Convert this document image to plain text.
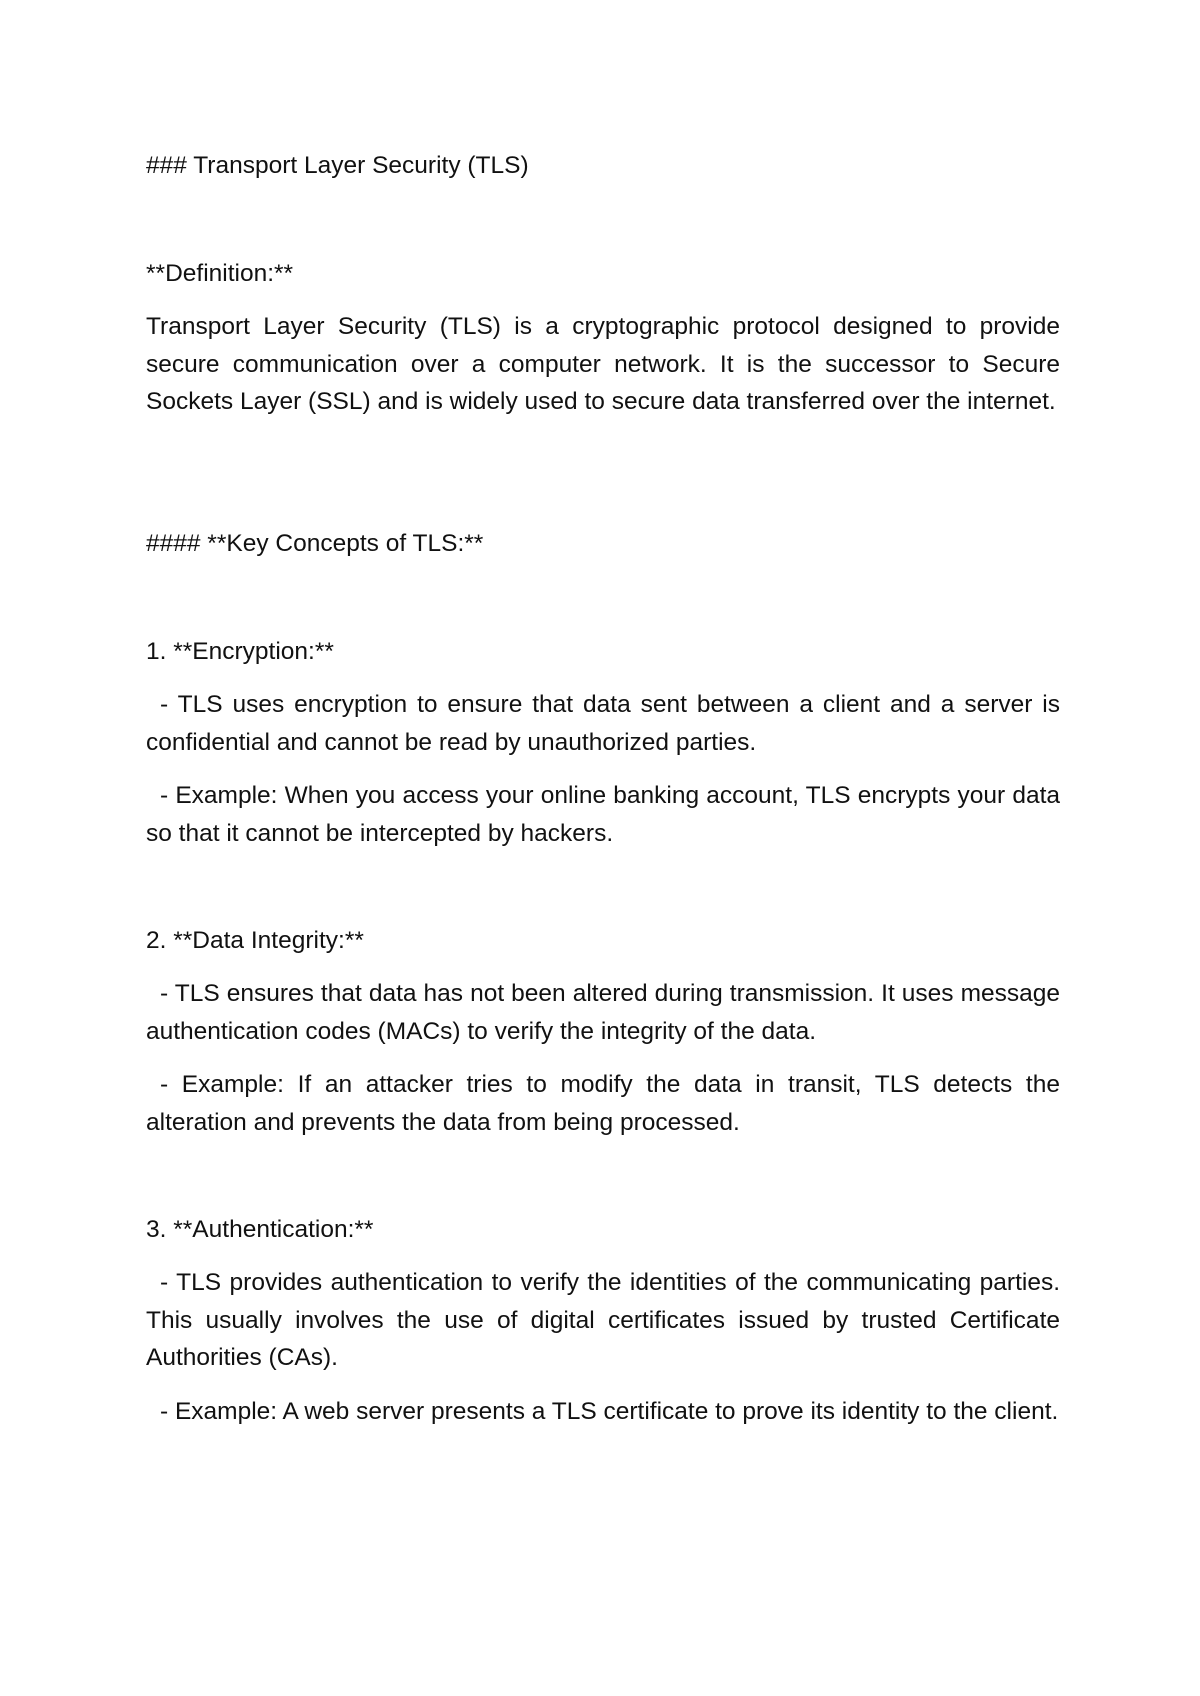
### Transport Layer Security (TLS)
**Definition:**
Transport Layer Security (TLS) is a cryptographic protocol designed to provide secure communication over a computer network. It is the successor to Secure Sockets Layer (SSL) and is widely used to secure data transferred over the internet.
#### **Key Concepts of TLS:**
1. **Encryption:**
- TLS uses encryption to ensure that data sent between a client and a server is confidential and cannot be read by unauthorized parties.
- Example: When you access your online banking account, TLS encrypts your data so that it cannot be intercepted by hackers.
2. **Data Integrity:**
- TLS ensures that data has not been altered during transmission. It uses message authentication codes (MACs) to verify the integrity of the data.
- Example: If an attacker tries to modify the data in transit, TLS detects the alteration and prevents the data from being processed.
3. **Authentication:**
- TLS provides authentication to verify the identities of the communicating parties. This usually involves the use of digital certificates issued by trusted Certificate Authorities (CAs).
- Example: A web server presents a TLS certificate to prove its identity to the client.
